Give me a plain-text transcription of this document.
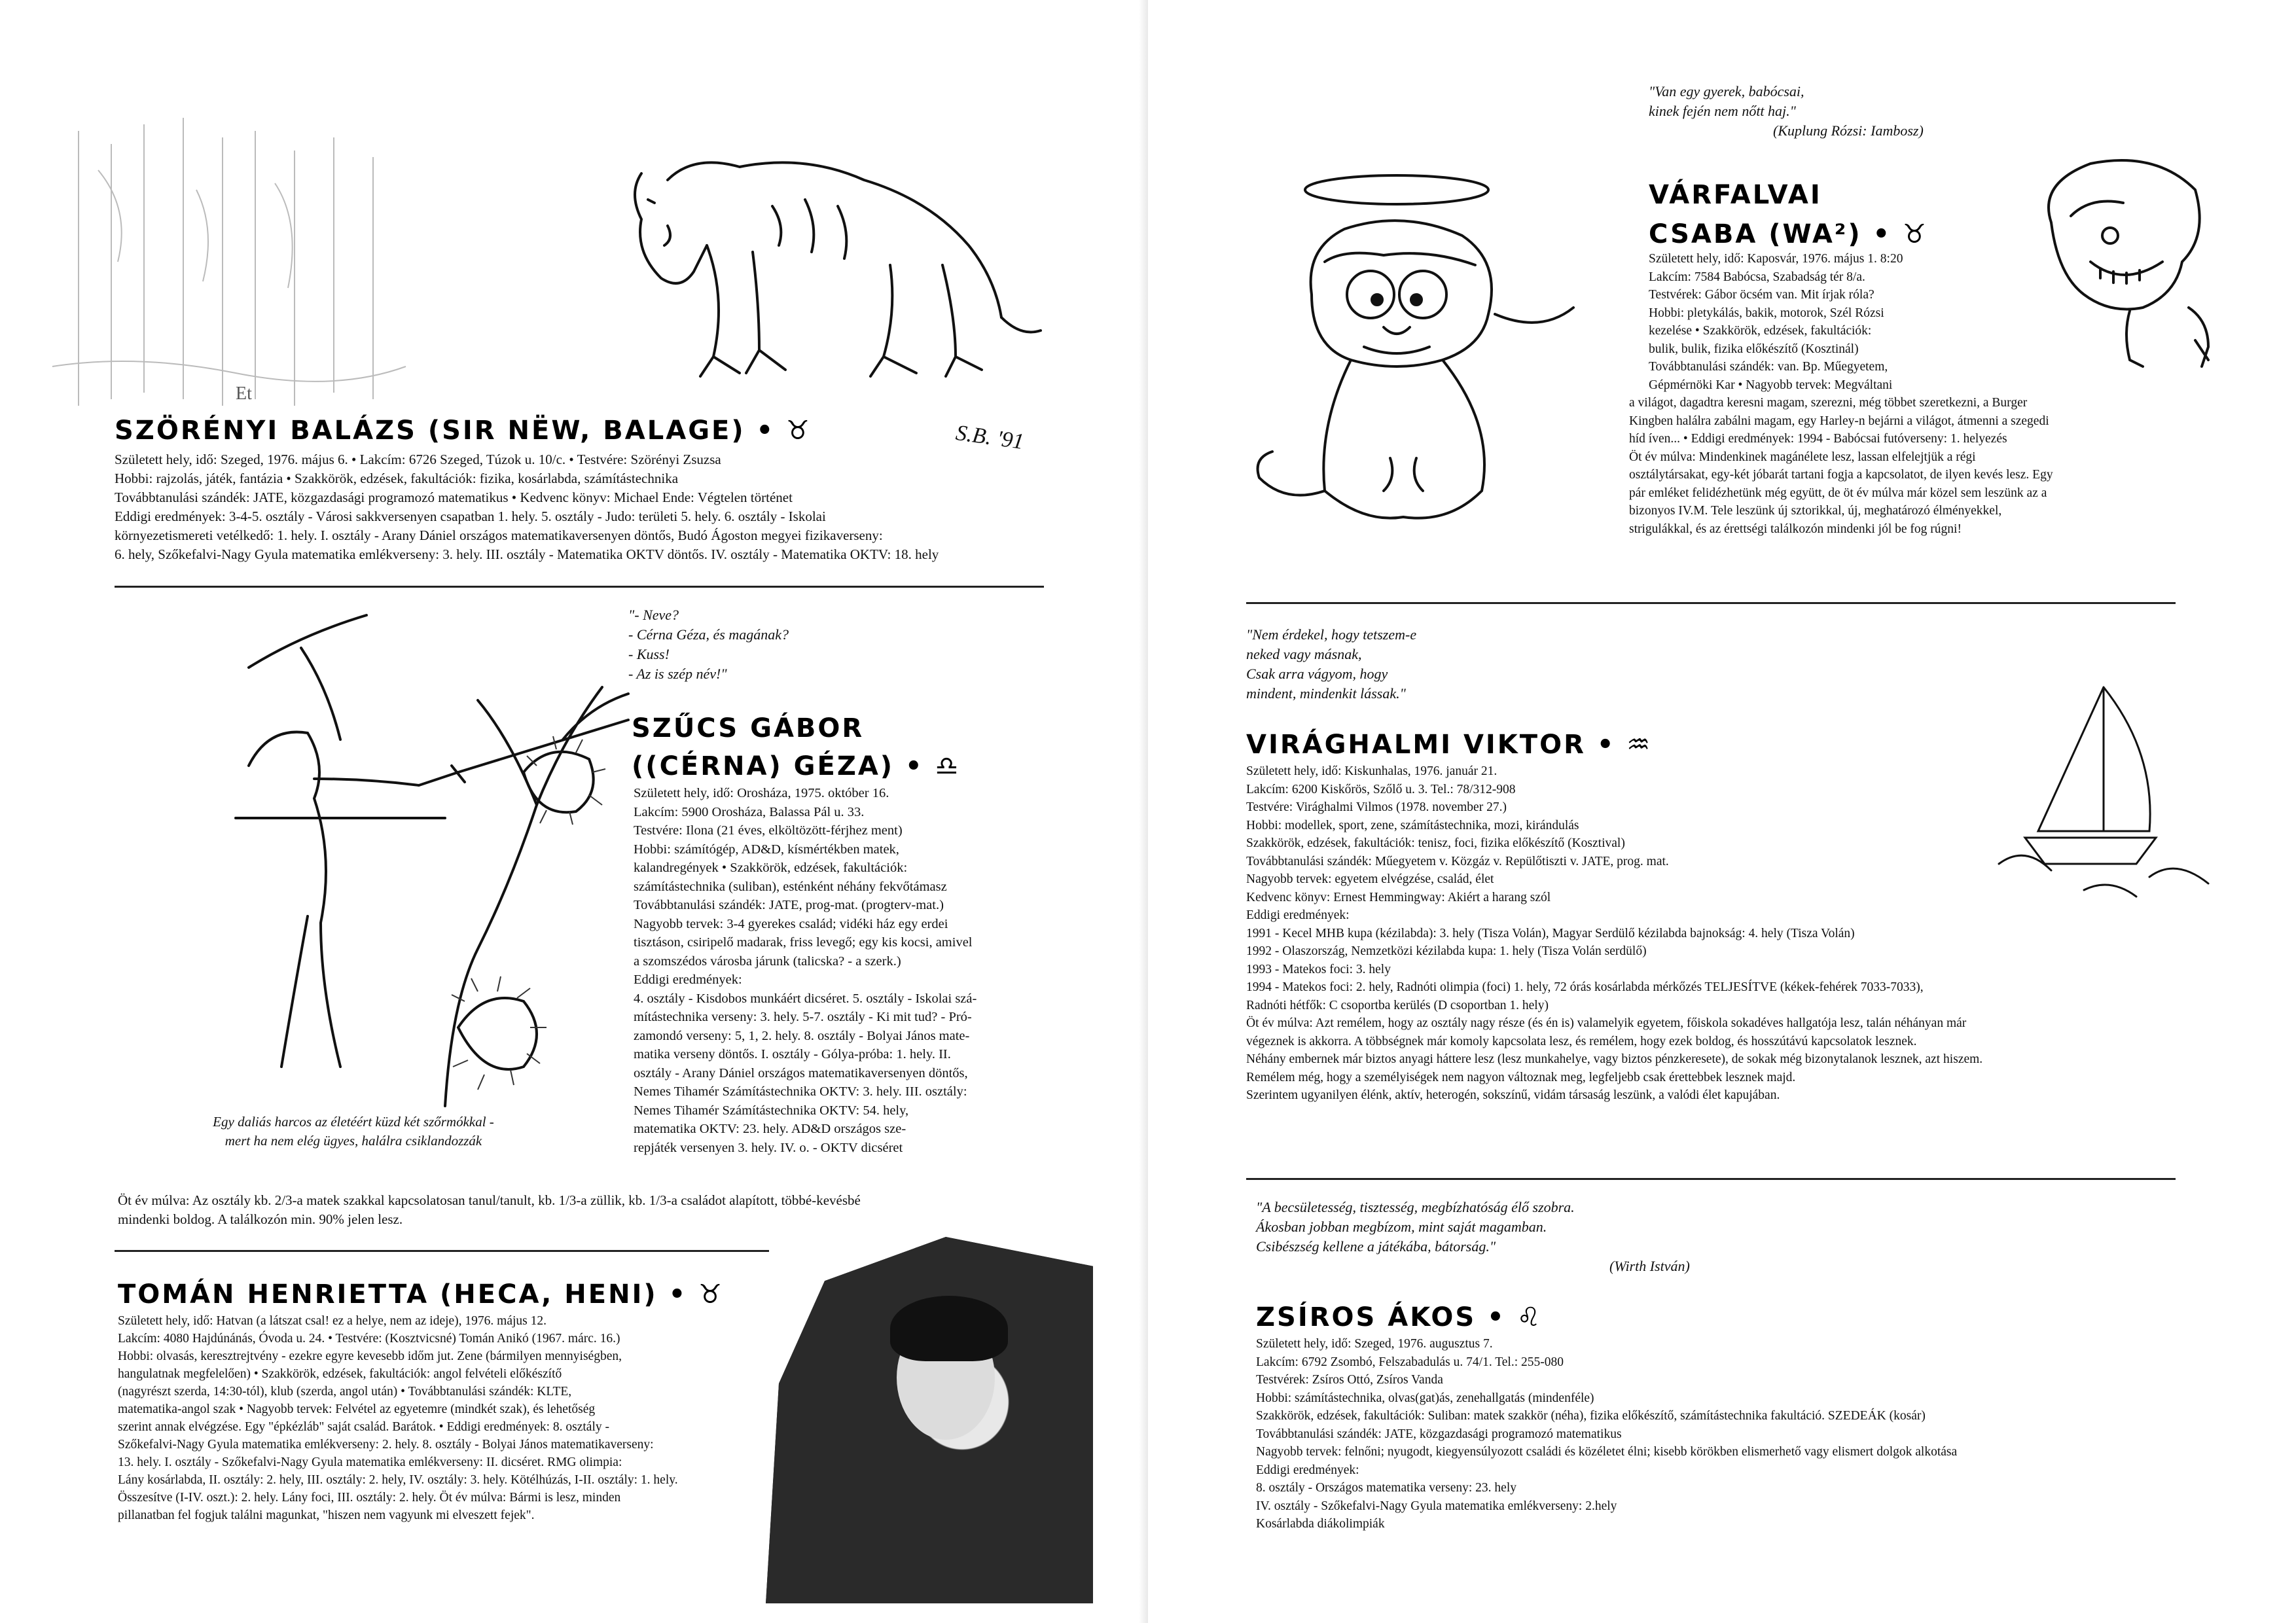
Et
SZÖRÉNYI BALÁZS (SIR NËW, BALAGE) • ♉	S.B. '91
Született hely, idő: Szeged, 1976. május 6. • Lakcím: 6726 Szeged, Túzok u. 10/c. • Testvére: Szörényi Zsuzsa
Hobbi: rajzolás, játék, fantázia • Szakkörök, edzések, fakultációk: fizika, kosárlabda, számítástechnika
Továbbtanulási szándék: JATE, közgazdasági programozó matematikus • Kedvenc könyv: Michael Ende: Végtelen történet
Eddigi eredmények: 3-4-5. osztály - Városi sakkversenyen csapatban 1. hely. 5. osztály - Judo: területi 5. hely. 6. osztály - Iskolai
környezetismereti vetélkedő: 1. hely. I. osztály - Arany Dániel országos matematikaversenyen döntős, Budó Ágoston megyei fizikaverseny:
6. hely, Szőkefalvi-Nagy Gyula matematika emlékverseny: 3. hely. III. osztály - Matematika OKTV döntős. IV. osztály - Matematika OKTV: 18. hely
Egy daliás harcos az életéért küzd két szőrmókkal -
mert ha nem elég ügyes, halálra csiklandozzák
"- Neve?
- Cérna Géza, és magának?
- Kuss!
- Az is szép név!"
SZŰCS GÁBOR
((CÉRNA) GÉZA) • ♎
Született hely, idő: Orosháza, 1975. október 16.
Lakcím: 5900 Orosháza, Balassa Pál u. 33.
Testvére: Ilona (21 éves, elköltözött-férjhez ment)
Hobbi: számítógép, AD&D, kísmértékben matek,
kalandregények • Szakkörök, edzések, fakultációk:
számítástechnika (suliban), esténként néhány fekvőtámasz
Továbbtanulási szándék: JATE, prog-mat. (progterv-mat.)
Nagyobb tervek: 3-4 gyerekes család; vidéki ház egy erdei
tisztáson, csiripelő madarak, friss levegő; egy kis kocsi, amivel
a szomszédos városba járunk (talicska? - a szerk.)
Eddigi eredmények:
4. osztály - Kisdobos munkáért dicséret. 5. osztály - Iskolai szá-
mítástechnika verseny: 3. hely. 5-7. osztály - Ki mit tud? - Pró-
zamondó verseny: 5, 1, 2. hely. 8. osztály - Bolyai János mate-
matika verseny döntős. I. osztály - Gólya-próba: 1. hely. II.
osztály - Arany Dániel országos matematikaversenyen döntős,
Nemes Tihamér Számítástechnika OKTV: 3. hely. III. osztály:
Nemes Tihamér Számítástechnika OKTV: 54. hely,
matematika OKTV: 23. hely. AD&D országos sze-
repjáték versenyen 3. hely. IV. o. - OKTV dicséret
Öt év múlva: Az osztály kb. 2/3-a matek szakkal kapcsolatosan tanul/tanult, kb. 1/3-a züllik, kb. 1/3-a családot alapított, többé-kevésbé
mindenki boldog. A találkozón min. 90% jelen lesz.
TOMÁN HENRIETTA (HECA, HENI) • ♉
Született hely, idő: Hatvan (a látszat csal! ez a helye, nem az ideje), 1976. május 12.
Lakcím: 4080 Hajdúnánás, Óvoda u. 24. • Testvére: (Kosztvicsné) Tomán Anikó (1967. márc. 16.)
Hobbi: olvasás, keresztrejtvény - ezekre egyre kevesebb időm jut. Zene (bármilyen mennyiségben,
hangulatnak megfelelően) • Szakkörök, edzések, fakultációk: angol felvételi előkészítő
(nagyrészt szerda, 14:30-tól), klub (szerda, angol után) • Továbbtanulási szándék: KLTE,
matematika-angol szak • Nagyobb tervek: Felvétel az egyetemre (mindkét szak), és lehetőség
szerint annak elvégzése. Egy "épkézláb" saját család. Barátok. • Eddigi eredmények: 8. osztály -
Szőkefalvi-Nagy Gyula matematika emlékverseny: 2. hely. 8. osztály - Bolyai János matematikaverseny:
13. hely. I. osztály - Szőkefalvi-Nagy Gyula matematika emlékverseny: II. dicséret. RMG olimpia:
Lány kosárlabda, II. osztály: 2. hely, III. osztály: 2. hely, IV. osztály: 3. hely. Kötélhúzás, I-II. osztály: 1. hely.
Összesítve (I-IV. oszt.): 2. hely. Lány foci, III. osztály: 2. hely. Öt év múlva: Bármi is lesz, minden
pillanatban fel fogjuk találni magunkat, "hiszen nem vagyunk mi elveszett fejek".
"Van egy gyerek, babócsai,
kinek fején nem nőtt haj."
(Kuplung Rózsi: Iambosz)
VÁRFALVAI
CSABA (WA²) • ♉
Született hely, idő: Kaposvár, 1976. május 1. 8:20
Lakcím: 7584 Babócsa, Szabadság tér 8/a.
Testvérek: Gábor öcsém van. Mit írjak róla?
Hobbi: pletykálás, bakik, motorok, Szél Rózsi
kezelése • Szakkörök, edzések, fakultációk:
bulik, bulik, fizika előkészítő (Kosztinál)
Továbbtanulási szándék: van. Bp. Műegyetem,
Gépmérnöki Kar • Nagyobb tervek: Megváltani
a világot, dagadtra keresni magam, szerezni, még többet szeretkezni, a Burger
Kingben halálra zabálni magam, egy Harley-n bejárni a világot, átmenni a szegedi
híd íven... • Eddigi eredmények: 1994 - Babócsai futóverseny: 1. helyezés
Öt év múlva: Mindenkinek magánélete lesz, lassan elfelejtjük a régi
osztálytársakat, egy-két jóbarát tartani fogja a kapcsolatot, de ilyen kevés lesz. Egy
pár emléket felidézhetünk még együtt, de öt év múlva már közel sem leszünk az a
bizonyos IV.M. Tele leszünk új sztorikkal, új, meghatározó élményekkel,
strigulákkal, és az érettségi találkozón mindenki jól be fog rúgni!
"Nem érdekel, hogy tetszem-e
neked vagy másnak,
Csak arra vágyom, hogy
mindent, mindenkit lássak."
VIRÁGHALMI VIKTOR • ♒
Született hely, idő: Kiskunhalas, 1976. január 21.
Lakcím: 6200 Kiskőrös, Szőlő u. 3. Tel.: 78/312-908
Testvére: Virághalmi Vilmos (1978. november 27.)
Hobbi: modellek, sport, zene, számítástechnika, mozi, kirándulás
Szakkörök, edzések, fakultációk: tenisz, foci, fizika előkészítő (Kosztival)
Továbbtanulási szándék: Műegyetem v. Közgáz v. Repülőtiszti v. JATE, prog. mat.
Nagyobb tervek: egyetem elvégzése, család, élet
Kedvenc könyv: Ernest Hemmingway: Akiért a harang szól
Eddigi eredmények:
1991 - Kecel MHB kupa (kézilabda): 3. hely (Tisza Volán), Magyar Serdülő kézilabda bajnokság: 4. hely (Tisza Volán)
1992 - Olaszország, Nemzetközi kézilabda kupa: 1. hely (Tisza Volán serdülő)
1993 - Matekos foci: 3. hely
1994 - Matekos foci: 2. hely, Radnóti olimpia (foci) 1. hely, 72 órás kosárlabda mérkőzés TELJESÍTVE (kékek-fehérek 7033-7033),
Radnóti hétfők: C csoportba kerülés (D csoportban 1. hely)
Öt év múlva: Azt remélem, hogy az osztály nagy része (és én is) valamelyik egyetem, főiskola sokadéves hallgatója lesz, talán néhányan már
végeznek is akkorra. A többségnek már komoly kapcsolata lesz, és remélem, hogy ezek boldog, és hosszútávú kapcsolatok lesznek.
Néhány embernek már biztos anyagi háttere lesz (lesz munkahelye, vagy biztos pénzkeresete), de sokak még bizonytalanok lesznek, azt hiszem.
Remélem még, hogy a személyiségek nem nagyon változnak meg, legfeljebb csak érettebbek lesznek majd.
Szerintem ugyanilyen élénk, aktív, heterogén, sokszínű, vidám társaság leszünk, a valódi élet kapujában.
"A becsületesség, tisztesség, megbízhatóság élő szobra.
Ákosban jobban megbízom, mint saját magamban.
Csibészség kellene a játékába, bátorság."
(Wirth István)
ZSÍROS ÁKOS • ♌
Született hely, idő: Szeged, 1976. augusztus 7.
Lakcím: 6792 Zsombó, Felszabadulás u. 74/1. Tel.: 255-080
Testvérek: Zsíros Ottó, Zsíros Vanda
Hobbi: számítástechnika, olvas(gat)ás, zenehallgatás (mindenféle)
Szakkörök, edzések, fakultációk: Suliban: matek szakkör (néha), fizika előkészítő, számítástechnika fakultáció. SZEDEÁK (kosár)
Továbbtanulási szándék: JATE, közgazdasági programozó matematikus
Nagyobb tervek: felnőni; nyugodt, kiegyensúlyozott családi és közéletet élni; kisebb körökben elismerhető vagy elismert dolgok alkotása
Eddigi eredmények:
8. osztály - Országos matematika verseny: 23. hely
IV. osztály - Szőkefalvi-Nagy Gyula matematika emlékverseny: 2.hely
Kosárlabda diákolimpiák
